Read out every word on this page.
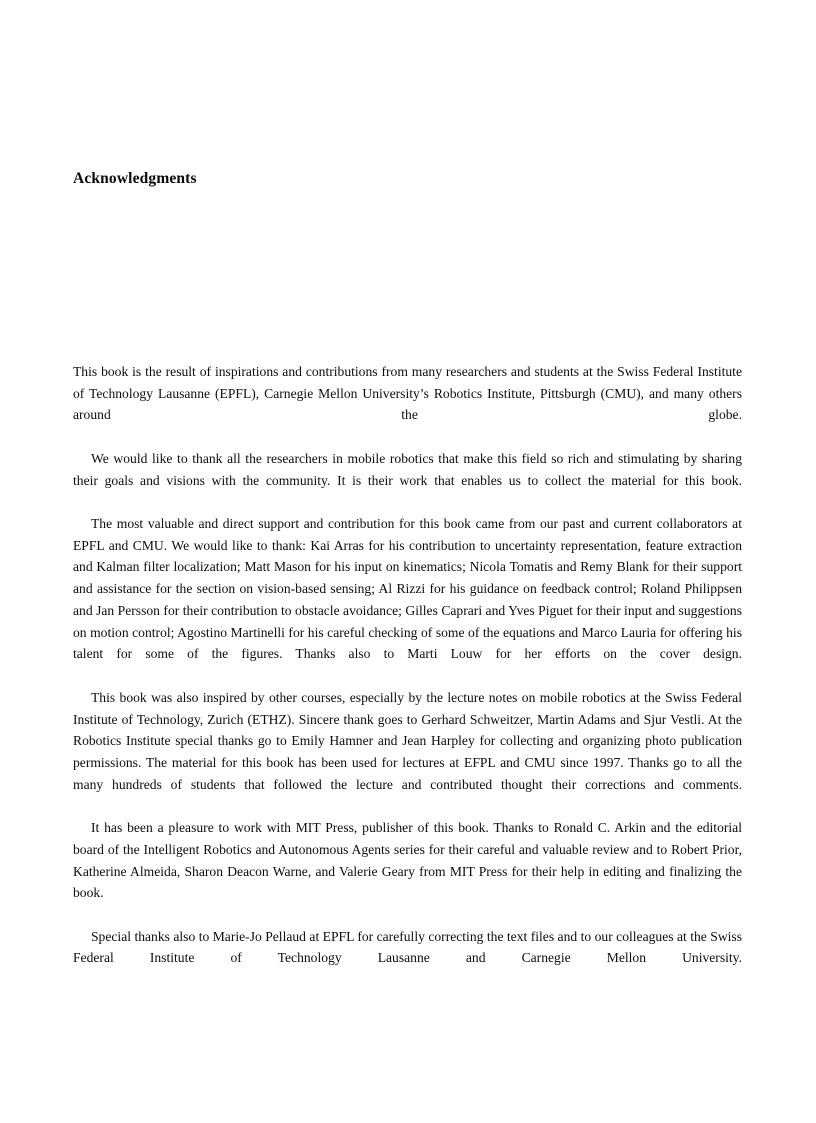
Acknowledgments

This book is the result of inspirations and contributions from many researchers and students at the Swiss Federal Institute of Technology Lausanne (EPFL), Carnegie Mellon University’s Robotics Institute, Pittsburgh (CMU), and many others around the globe.

We would like to thank all the researchers in mobile robotics that make this field so rich and stimulating by sharing their goals and visions with the community. It is their work that enables us to collect the material for this book.

The most valuable and direct support and contribution for this book came from our past and current collaborators at EPFL and CMU. We would like to thank: Kai Arras for his contribution to uncertainty representation, feature extraction and Kalman filter localization; Matt Mason for his input on kinematics; Nicola Tomatis and Remy Blank for their support and assistance for the section on vision-based sensing; Al Rizzi for his guidance on feedback control; Roland Philippsen and Jan Persson for their contribution to obstacle avoidance; Gilles Caprari and Yves Piguet for their input and suggestions on motion control; Agostino Martinelli for his careful checking of some of the equations and Marco Lauria for offering his talent for some of the figures. Thanks also to Marti Louw for her efforts on the cover design.

This book was also inspired by other courses, especially by the lecture notes on mobile robotics at the Swiss Federal Institute of Technology, Zurich (ETHZ). Sincere thank goes to Gerhard Schweitzer, Martin Adams and Sjur Vestli. At the Robotics Institute special thanks go to Emily Hamner and Jean Harpley for collecting and organizing photo publication permissions. The material for this book has been used for lectures at EFPL and CMU since 1997. Thanks go to all the many hundreds of students that followed the lecture and contributed thought their corrections and comments.

It has been a pleasure to work with MIT Press, publisher of this book. Thanks to Ronald C. Arkin and the editorial board of the Intelligent Robotics and Autonomous Agents series for their careful and valuable review and to Robert Prior, Katherine Almeida, Sharon Deacon Warne, and Valerie Geary from MIT Press for their help in editing and finalizing the book.

Special thanks also to Marie-Jo Pellaud at EPFL for carefully correcting the text files and to our colleagues at the Swiss Federal Institute of Technology Lausanne and Carnegie Mellon University.
